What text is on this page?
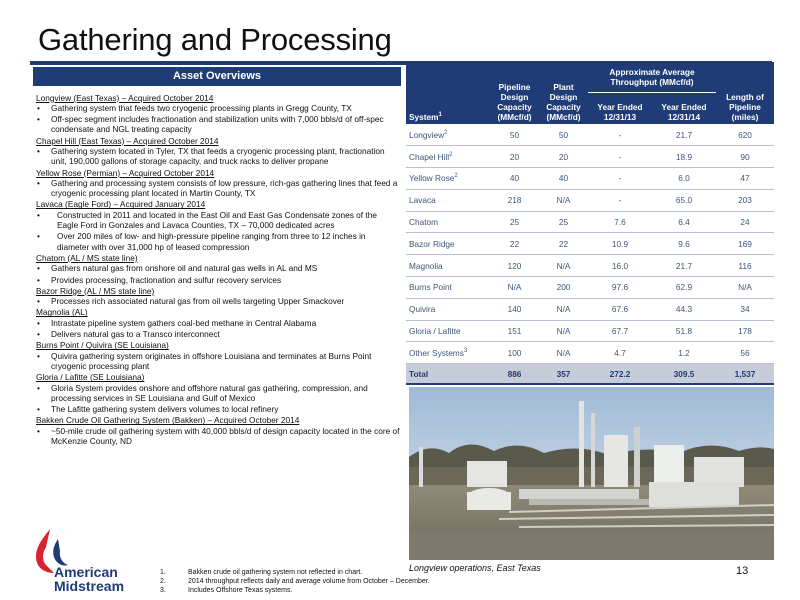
Gathering and Processing
Asset Overviews
Longview (East Texas) – Acquired October 2014
• Gathering system that feeds two cryogenic processing plants in Gregg County, TX
• Off-spec segment includes fractionation and stabilization units with 7,000 bbls/d of off-spec condensate and NGL treating capacity
Chapel Hill (East Texas) – Acquired October 2014
• Gathering system located in Tyler, TX that feeds a cryogenic processing plant, fractionation unit, 190,000 gallons of storage capacity, and truck racks to deliver propane
Yellow Rose (Permian) – Acquired October 2014
• Gathering and processing system consists of low pressure, rich-gas gathering lines that feed a cryogenic processing plant located in Martin County, TX
Lavaca (Eagle Ford) – Acquired January 2014
• Constructed in 2011 and located in the East Oil and East Gas Condensate zones of the Eagle Ford in Gonzales and Lavaca Counties, TX – 70,000 dedicated acres
• Over 200 miles of low- and high-pressure pipeline ranging from three to 12 inches in diameter with over 31,000 hp of leased compression
Chatom (AL / MS state line)
• Gathers natural gas from onshore oil and natural gas wells in AL and MS
• Provides processing, fractionation and sulfur recovery services
Bazor Ridge (AL / MS state line)
• Processes rich associated natural gas from oil wells targeting Upper Smackover
Magnolia (AL)
• Intrastate pipeline system gathers coal-bed methane in Central Alabama
• Delivers natural gas to a Transco interconnect
Burns Point / Quivira (SE Louisiana)
• Quivira gathering system originates in offshore Louisiana and terminates at Burns Point cryogenic processing plant
Gloria / Lafitte (SE Louisiana)
• Gloria System provides onshore and offshore natural gas gathering, compression, and processing services in SE Louisiana and Gulf of Mexico
• The Lafitte gathering system delivers volumes to local refinery
Bakken Crude Oil Gathering System (Bakken) – Acquired October 2014
• ~50-mile crude oil gathering system with 40,000 bbls/d of design capacity located in the core of McKenzie County, ND
System$^1$	Pipeline Design Capacity (MMcf/d)	Plant Design Capacity (MMcf/d)	Approximate Average Throughput (MMcf/d)		Length of Pipeline (miles)
			Year Ended 12/31/13	Year Ended 12/31/14	
Longview$^2$	50	50	-	21.7	620
Chapel Hill$^2$	20	20	-	18.9	90
Yellow Rose$^2$	40	40	-	6.0	47
Lavaca	218	N/A	-	65.0	203
Chatom	25	25	7.6	6.4	24
Bazor Ridge	22	22	10.9	9.6	169
Magnolia	120	N/A	16.0	21.7	116
Burns Point	N/A	200	97.6	62.9	N/A
Quivira	140	N/A	67.6	44.3	34
Gloria / Lafitte	151	N/A	67.7	51.8	178
Other Systems$^3$	100	N/A	4.7	1.2	56
Total	886	357	272.2	309.5	1,537
Longview operations, East Texas	13
1.	Bakken crude oil gathering system not reflected in chart.
2.	2014 throughput reflects daily and average volume from October – December.
3.	Includes Offshore Texas systems.
American
Midstream
